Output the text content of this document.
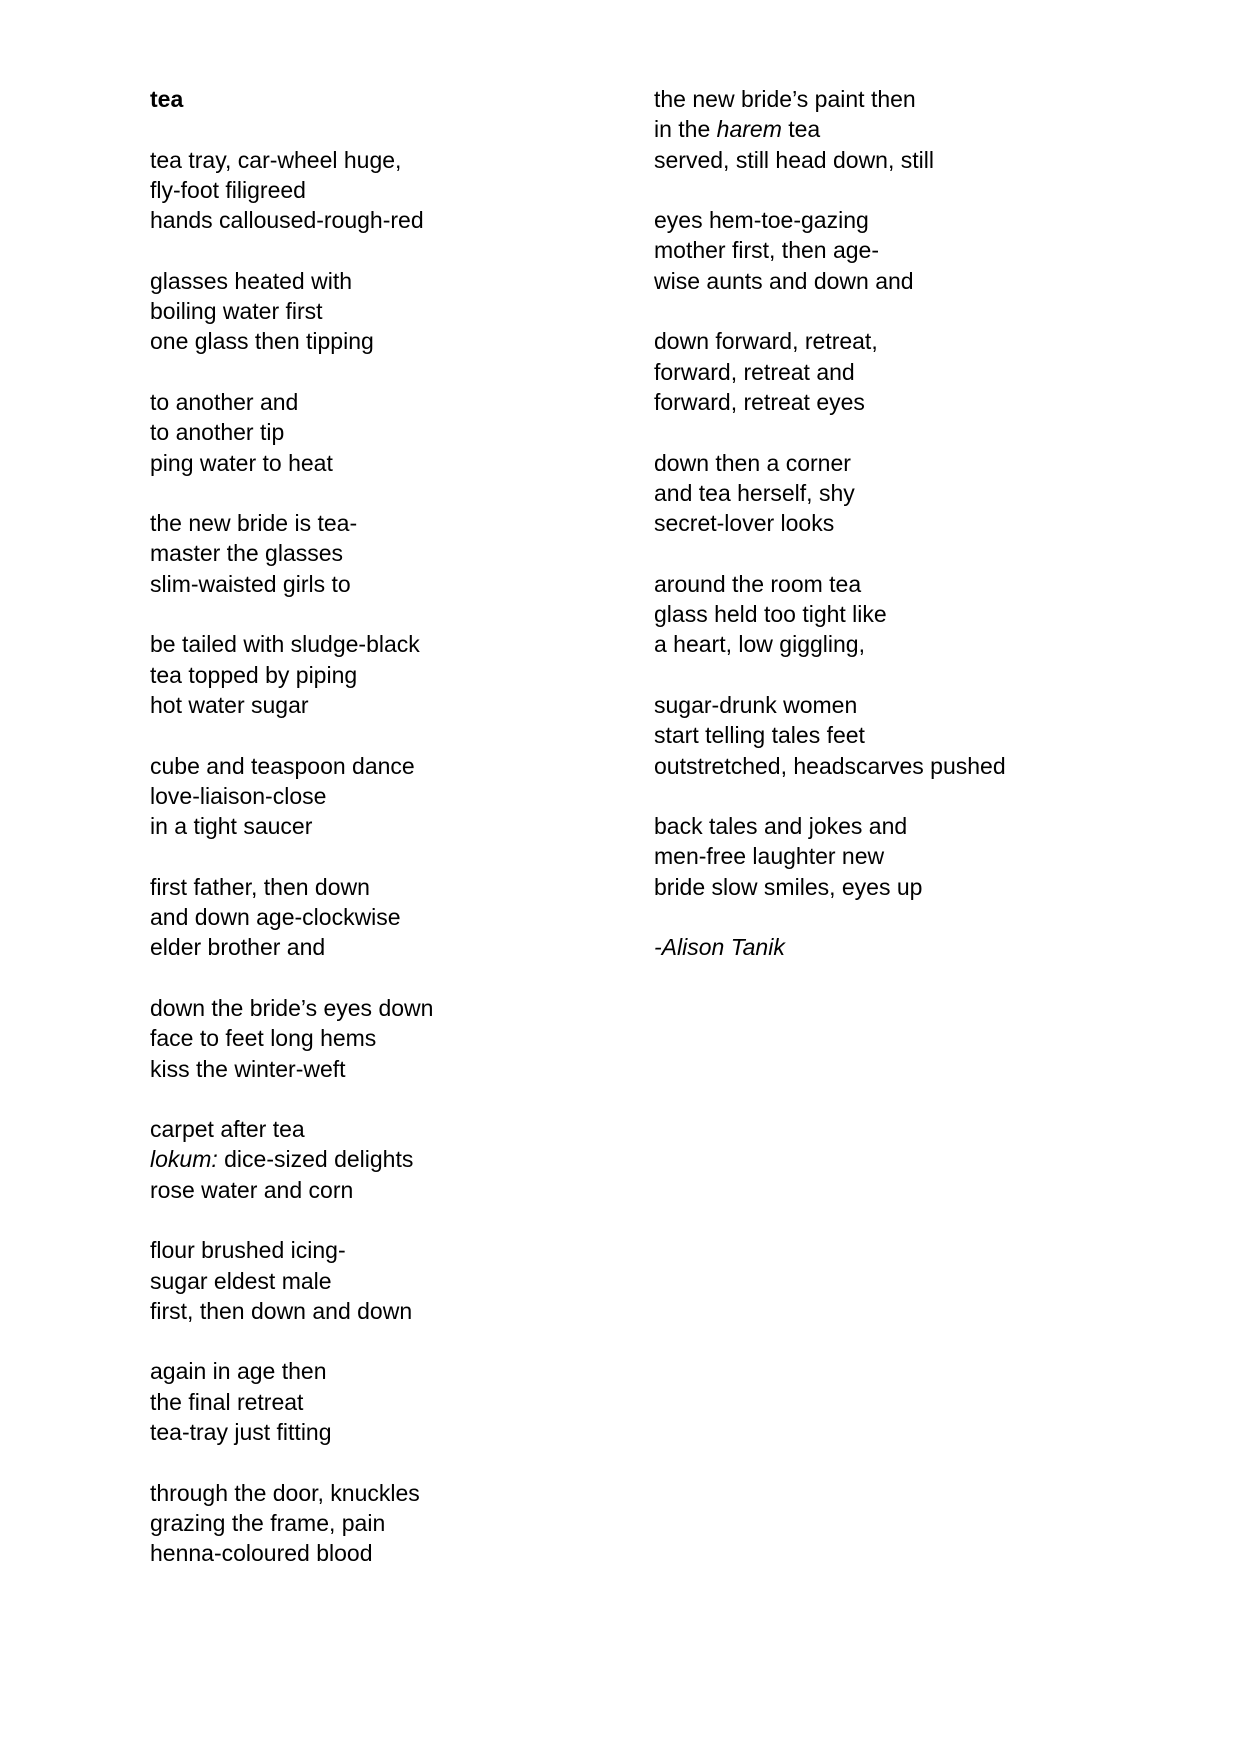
tea
tea tray, car-wheel huge,
fly-foot filigreed
hands calloused-rough-red
glasses heated with
boiling water first
one glass then tipping
to another and
to another tip
ping water to heat
the new bride is tea-
master the glasses
slim-waisted girls to
be tailed with sludge-black
tea topped by piping
hot water sugar
cube and teaspoon dance
love-liaison-close
in a tight saucer
first father, then down
and down age-clockwise
elder brother and
down the bride’s eyes down
face to feet long hems
kiss the winter-weft
carpet after tea
lokum: dice-sized delights
rose water and corn
flour brushed icing-
sugar eldest male
first, then down and down
again in age then
the final retreat
tea-tray just fitting
through the door, knuckles
grazing the frame, pain
henna-coloured blood
the new bride’s paint then
in the harem tea
served, still head down, still
eyes hem-toe-gazing
mother first, then age-
wise aunts and down and
down forward, retreat,
forward, retreat and
forward, retreat eyes
down then a corner
and tea herself, shy
secret-lover looks
around the room tea
glass held too tight like
a heart, low giggling,
sugar-drunk women
start telling tales feet
outstretched, headscarves pushed
back tales and jokes and
men-free laughter new
bride slow smiles, eyes up
-Alison Tanik
